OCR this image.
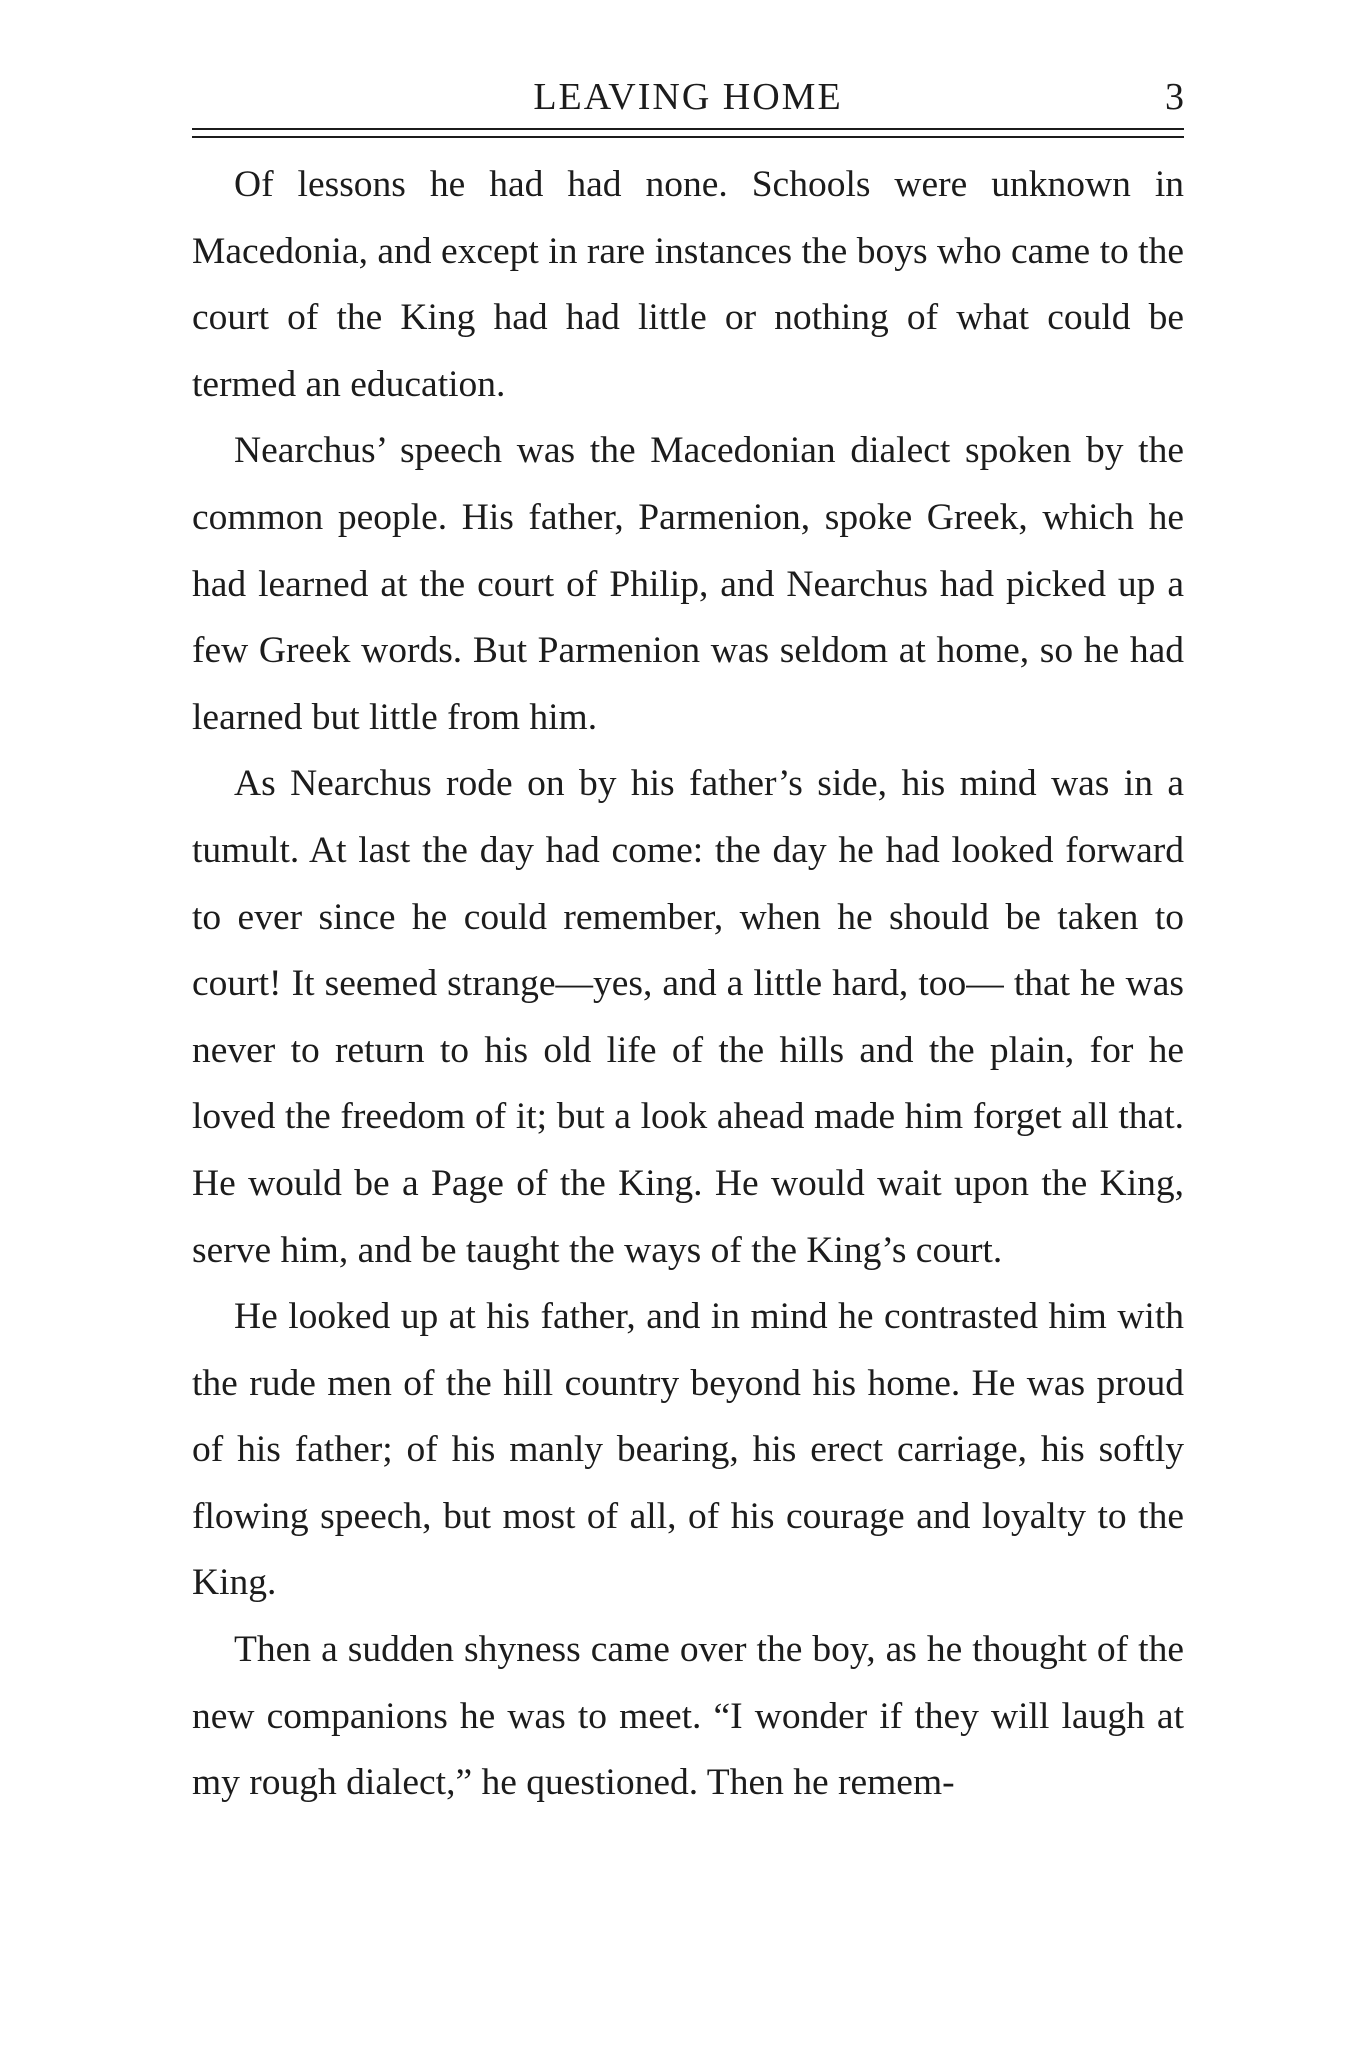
LEAVING HOME	3

Of lessons he had had none. Schools were unknown in Macedonia, and except in rare instances the boys who came to the court of the King had had little or nothing of what could be termed an education.

Nearchus’ speech was the Macedonian dialect spoken by the common people. His father, Parmenion, spoke Greek, which he had learned at the court of Philip, and Nearchus had picked up a few Greek words. But Parmenion was seldom at home, so he had learned but little from him.

As Nearchus rode on by his father’s side, his mind was in a tumult. At last the day had come: the day he had looked forward to ever since he could remember, when he should be taken to court! It seemed strange—yes, and a little hard, too— that he was never to return to his old life of the hills and the plain, for he loved the freedom of it; but a look ahead made him forget all that. He would be a Page of the King. He would wait upon the King, serve him, and be taught the ways of the King’s court.

He looked up at his father, and in mind he contrasted him with the rude men of the hill country beyond his home. He was proud of his father; of his manly bearing, his erect carriage, his softly flowing speech, but most of all, of his courage and loyalty to the King.

Then a sudden shyness came over the boy, as he thought of the new companions he was to meet. “I wonder if they will laugh at my rough dialect,” he questioned. Then he remem-
